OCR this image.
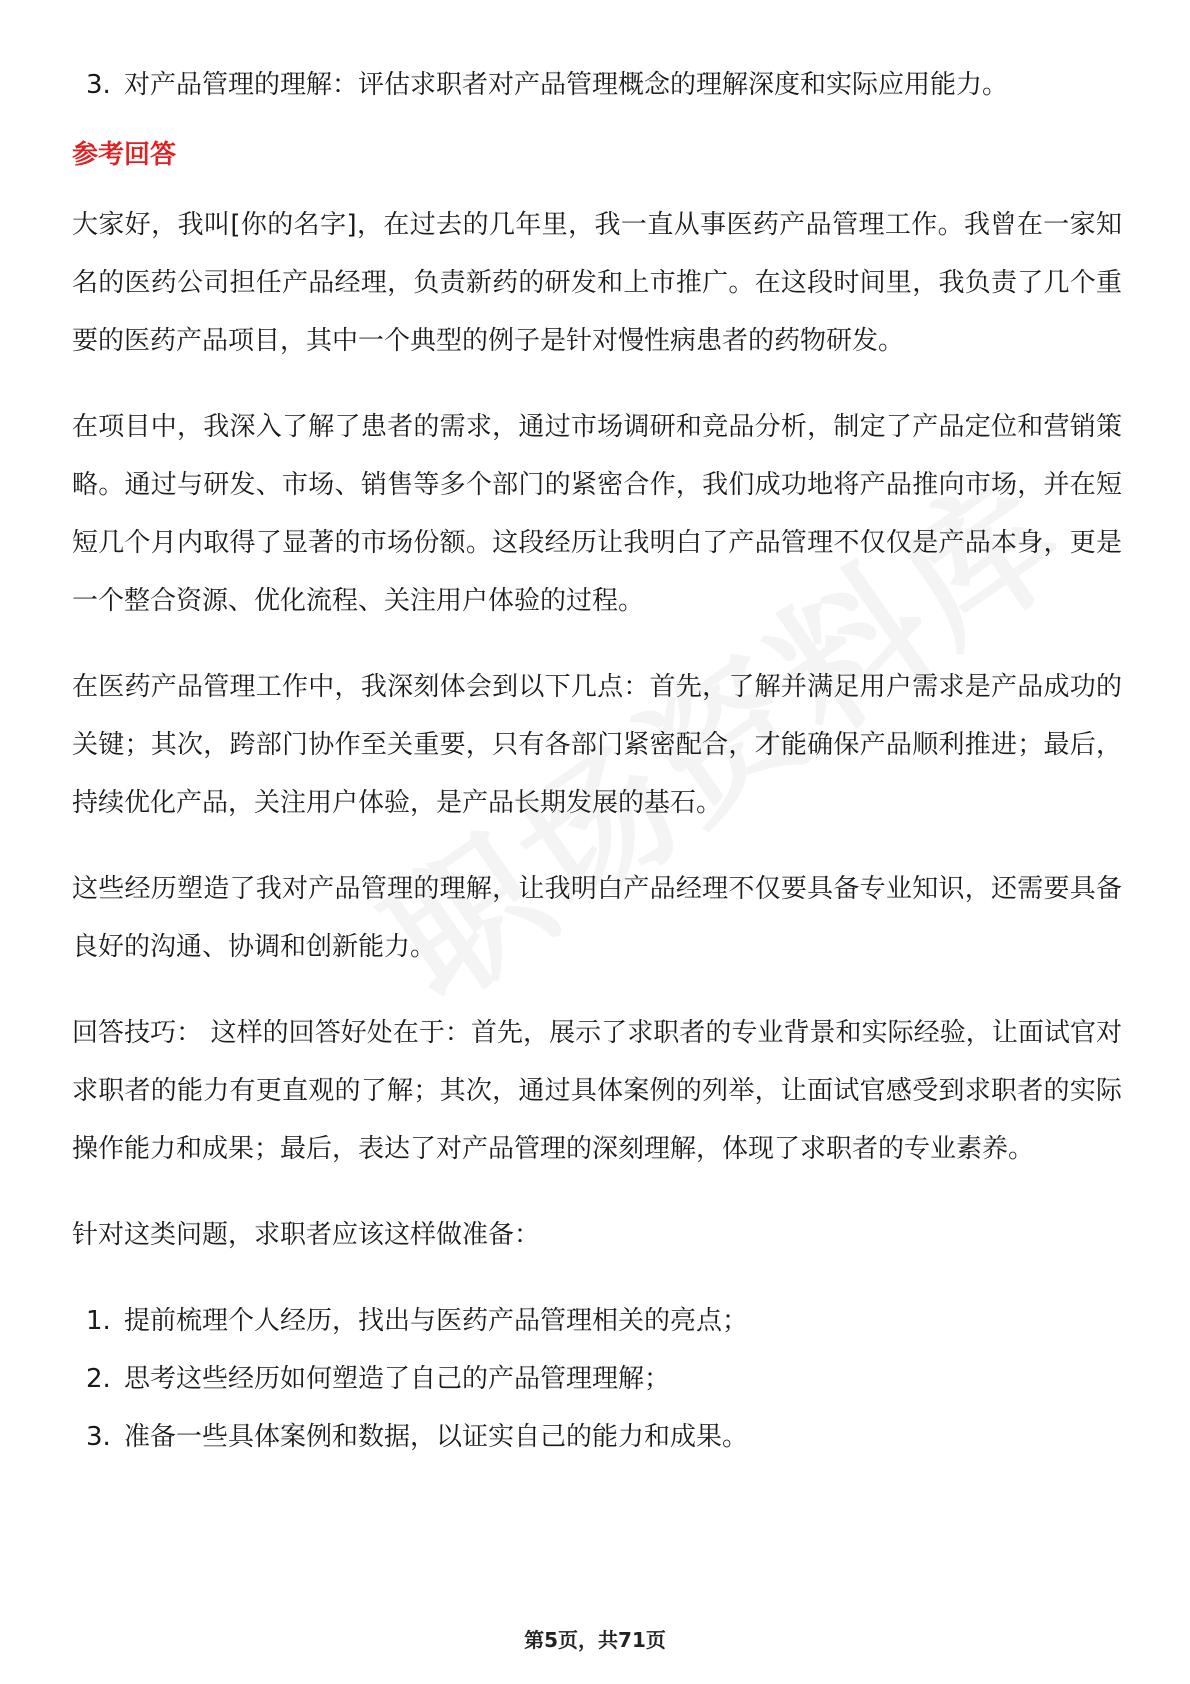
3. 对产品管理的理解：评估求职者对产品管理概念的理解深度和实际应用能力。
参考回答

大家好，我叫[你的名字]，在过去的几年里，我一直从事医药产品管理工作。我曾在一家知名的医药公司担任产品经理，负责新药的研发和上市推广。在这段时间里，我负责了几个重要的医药产品项目，其中一个典型的例子是针对慢性病患者的药物研发。

在项目中，我深入了解了患者的需求，通过市场调研和竞品分析，制定了产品定位和营销策略。通过与研发、市场、销售等多个部门的紧密合作，我们成功地将产品推向市场，并在短短几个月内取得了显著的市场份额。这段经历让我明白了产品管理不仅仅是产品本身，更是一个整合资源、优化流程、关注用户体验的过程。

在医药产品管理工作中，我深刻体会到以下几点：首先，了解并满足用户需求是产品成功的关键；其次，跨部门协作至关重要，只有各部门紧密配合，才能确保产品顺利推进；最后，持续优化产品，关注用户体验，是产品长期发展的基石。

这些经历塑造了我对产品管理的理解，让我明白产品经理不仅要具备专业知识，还需要具备良好的沟通、协调和创新能力。

回答技巧： 这样的回答好处在于：首先，展示了求职者的专业背景和实际经验，让面试官对求职者的能力有更直观的了解；其次，通过具体案例的列举，让面试官感受到求职者的实际操作能力和成果；最后，表达了对产品管理的深刻理解，体现了求职者的专业素养。

针对这类问题，求职者应该这样做准备：

1. 提前梳理个人经历，找出与医药产品管理相关的亮点；
2. 思考这些经历如何塑造了自己的产品管理理解；
3. 准备一些具体案例和数据，以证实自己的能力和成果。
第5页，共71页
